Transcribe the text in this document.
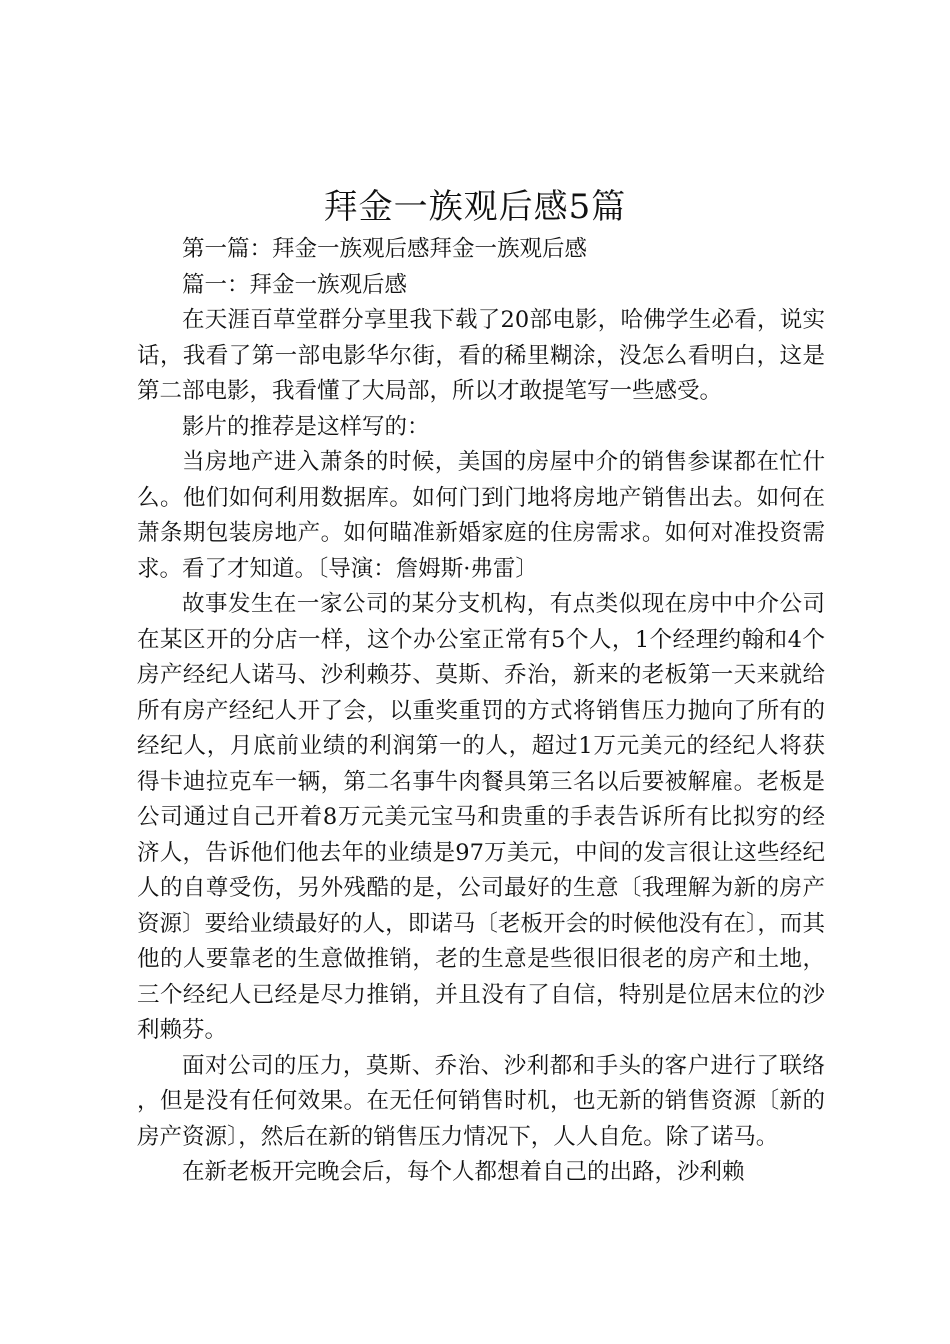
拜金一族观后感5篇

第一篇：拜金一族观后感拜金一族观后感

篇一：拜金一族观后感

在天涯百草堂群分享里我下载了20部电影，哈佛学生必看，说实话，我看了第一部电影华尔街，看的稀里糊涂，没怎么看明白，这是第二部电影，我看懂了大局部，所以才敢提笔写一些感受。

影片的推荐是这样写的：

当房地产进入萧条的时候，美国的房屋中介的销售参谋都在忙什么。他们如何利用数据库。如何门到门地将房地产销售出去。如何在萧条期包装房地产。如何瞄准新婚家庭的住房需求。如何对准投资需求。看了才知道。〔导演：詹姆斯·弗雷〕

故事发生在一家公司的某分支机构，有点类似现在房中中介公司在某区开的分店一样，这个办公室正常有5个人，1个经理约翰和4个房产经纪人诺马、沙利赖芬、莫斯、乔治，新来的老板第一天来就给所有房产经纪人开了会，以重奖重罚的方式将销售压力抛向了所有的经纪人，月底前业绩的利润第一的人，超过1万元美元的经纪人将获得卡迪拉克车一辆，第二名事牛肉餐具第三名以后要被解雇。老板是公司通过自己开着8万元美元宝马和贵重的手表告诉所有比拟穷的经济人，告诉他们他去年的业绩是97万美元，中间的发言很让这些经纪人的自尊受伤，另外残酷的是，公司最好的生意〔我理解为新的房产资源〕要给业绩最好的人，即诺马〔老板开会的时候他没有在〕，而其他的人要靠老的生意做推销，老的生意是些很旧很老的房产和土地，三个经纪人已经是尽力推销，并且没有了自信，特别是位居末位的沙利赖芬。

面对公司的压力，莫斯、乔治、沙利都和手头的客户进行了联络，但是没有任何效果。在无任何销售时机，也无新的销售资源〔新的房产资源〕，然后在新的销售压力情况下，人人自危。除了诺马。

在新老板开完晚会后，每个人都想着自己的出路，沙利赖
